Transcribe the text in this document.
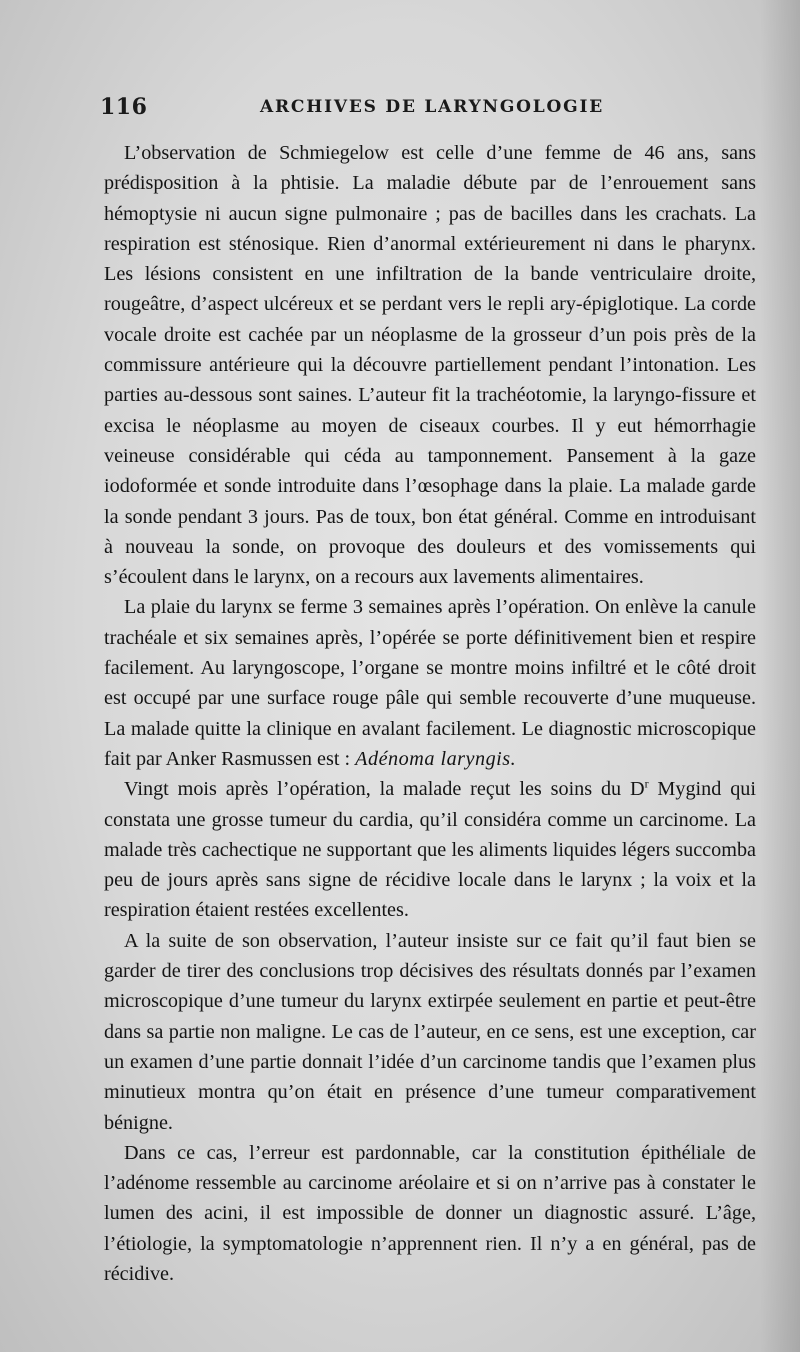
116	ARCHIVES DE LARYNGOLOGIE

L’observation de Schmiegelow est celle d’une femme de 46 ans, sans prédisposition à la phtisie. La maladie débute par de l’enrouement sans hémoptysie ni aucun signe pulmonaire ; pas de bacilles dans les crachats. La respiration est sténosique. Rien d’anormal extérieurement ni dans le pharynx. Les lésions consistent en une infiltration de la bande ventriculaire droite, rougeâtre, d’aspect ulcéreux et se perdant vers le repli ary-épiglotique. La corde vocale droite est cachée par un néoplasme de la grosseur d’un pois près de la commissure antérieure qui la découvre partiellement pendant l’intonation. Les parties au-dessous sont saines. L’auteur fit la trachéotomie, la laryngo-fissure et excisa le néoplasme au moyen de ciseaux courbes. Il y eut hémorrhagie veineuse considérable qui céda au tamponnement. Pansement à la gaze iodoformée et sonde introduite dans l’œsophage dans la plaie. La malade garde la sonde pendant 3 jours. Pas de toux, bon état général. Comme en introduisant à nouveau la sonde, on provoque des douleurs et des vomissements qui s’écoulent dans le larynx, on a recours aux lavements alimentaires.

La plaie du larynx se ferme 3 semaines après l’opération. On enlève la canule trachéale et six semaines après, l’opérée se porte définitivement bien et respire facilement. Au laryngoscope, l’organe se montre moins infiltré et le côté droit est occupé par une surface rouge pâle qui semble recouverte d’une muqueuse. La malade quitte la clinique en avalant facilement. Le diagnostic microscopique fait par Anker Rasmussen est : Adénoma laryngis.

Vingt mois après l’opération, la malade reçut les soins du $D^r$ Mygind qui constata une grosse tumeur du cardia, qu’il considéra comme un carcinome. La malade très cachectique ne supportant que les aliments liquides légers succomba peu de jours après sans signe de récidive locale dans le larynx ; la voix et la respiration étaient restées excellentes.

A la suite de son observation, l’auteur insiste sur ce fait qu’il faut bien se garder de tirer des conclusions trop décisives des résultats donnés par l’examen microscopique d’une tumeur du larynx extirpée seulement en partie et peut-être dans sa partie non maligne. Le cas de l’auteur, en ce sens, est une exception, car un examen d’une partie donnait l’idée d’un carcinome tandis que l’examen plus minutieux montra qu’on était en présence d’une tumeur comparativement bénigne.

Dans ce cas, l’erreur est pardonnable, car la constitution épithéliale de l’adénome ressemble au carcinome aréolaire et si on n’arrive pas à constater le lumen des acini, il est impossible de donner un diagnostic assuré. L’âge, l’étiologie, la symptomatologie n’apprennent rien. Il n’y a en général, pas de récidive.
